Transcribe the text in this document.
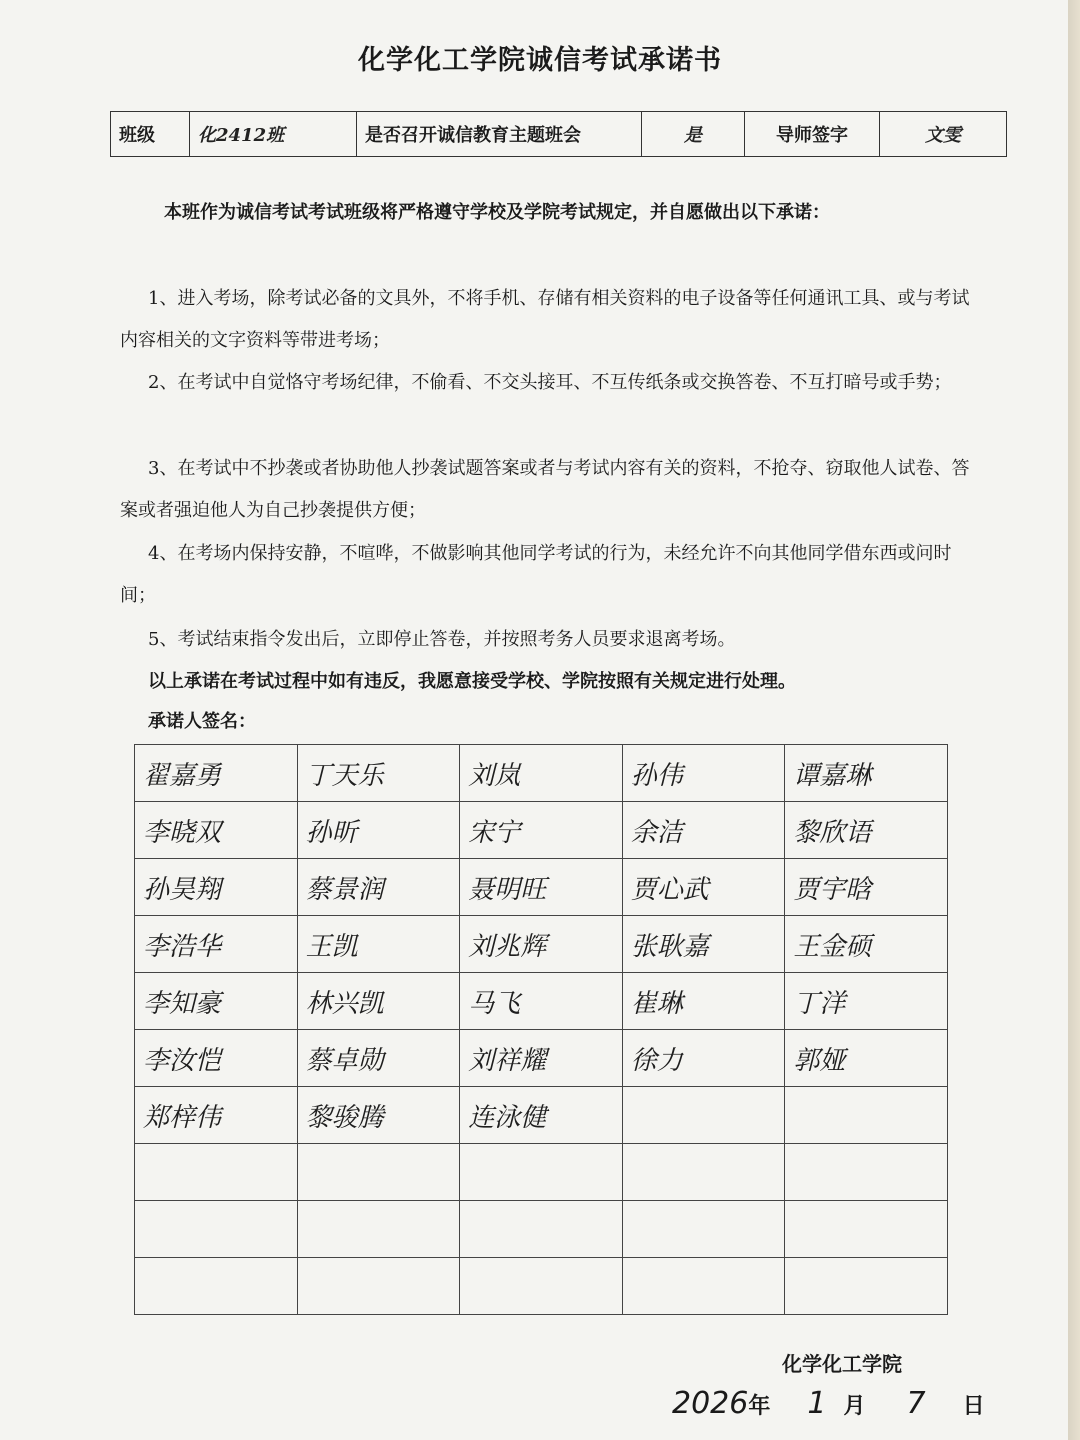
化学化工学院诚信考试承诺书
班级	化2412班	是否召开诚信教育主题班会	是	导师签字	文雯
本班作为诚信考试考试班级将严格遵守学校及学院考试规定，并自愿做出以下承诺：
1、进入考场，除考试必备的文具外，不将手机、存储有相关资料的电子设备等任何通讯工具、或与考试内容相关的文字资料等带进考场；
2、在考试中自觉恪守考场纪律，不偷看、不交头接耳、不互传纸条或交换答卷、不互打暗号或手势；
3、在考试中不抄袭或者协助他人抄袭试题答案或者与考试内容有关的资料，不抢夺、窃取他人试卷、答案或者强迫他人为自己抄袭提供方便；
4、在考场内保持安静，不喧哗，不做影响其他同学考试的行为，未经允许不向其他同学借东西或问时间；
5、考试结束指令发出后，立即停止答卷，并按照考务人员要求退离考场。
以上承诺在考试过程中如有违反，我愿意接受学校、学院按照有关规定进行处理。
承诺人签名：
翟嘉勇	丁天乐	刘岚	孙伟	谭嘉琳
李晓双	孙昕	宋宁	余洁	黎欣语
孙昊翔	蔡景润	聂明旺	贾心武	贾宇晗
李浩华	王凯	刘兆辉	张耿嘉	王金硕
李知豪	林兴凯	马飞	崔琳	丁洋
李汝恺	蔡卓勋	刘祥耀	徐力	郭娅
郑梓伟	黎骏腾	连泳健		

化学化工学院
2026年 1 月 7 日
